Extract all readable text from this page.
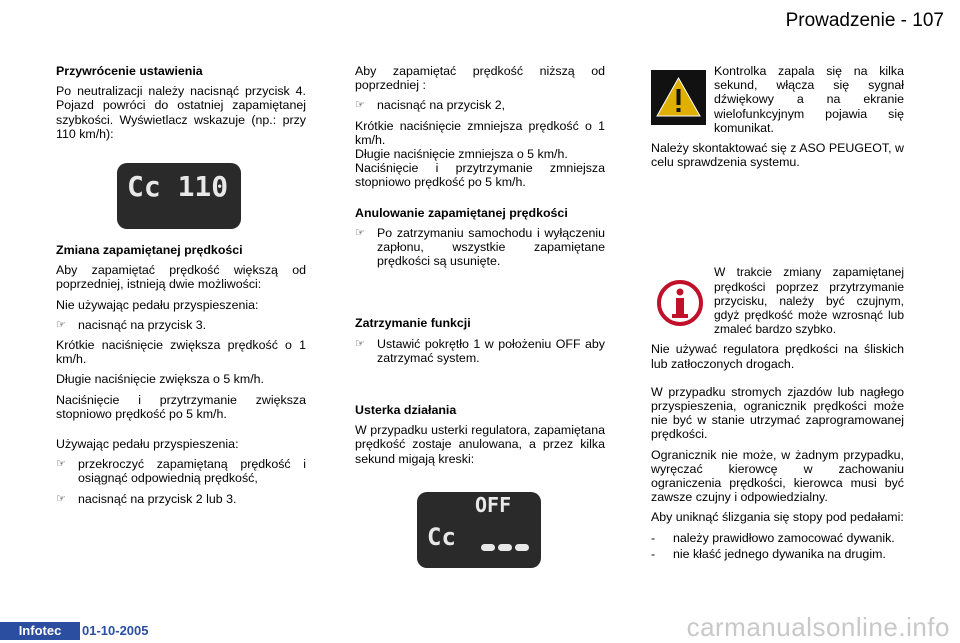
Prowadzenie - 107
Przywrócenie ustawienia

Po neutralizacji należy nacisnąć przycisk 4. Pojazd powróci do ostatniej zapamiętanej szybkości. Wyświetlacz wskazuje (np.: przy 110 km/h):

Cc 110
Zmiana zapamiętanej prędkości

Aby zapamiętać prędkość większą od poprzedniej, istnieją dwie możliwości:

Nie używając pedału przyspieszenia:

☞ nacisnąć na przycisk 3.

Krótkie naciśnięcie zwiększa prędkość o 1 km/h.

Długie naciśnięcie zwiększa o 5 km/h.

Naciśnięcie i przytrzymanie zwiększa stopniowo prędkość po 5 km/h.

Używając pedału przyspieszenia:

☞ przekroczyć zapamiętaną prędkość i osiągnąć odpowiednią prędkość,
☞ nacisnąć na przycisk 2 lub 3.

Aby zapamiętać prędkość niższą od poprzedniej :

☞ nacisnąć na przycisk 2,

Krótkie naciśnięcie zmniejsza prędkość o 1 km/h.

Długie naciśnięcie zmniejsza o 5 km/h.

Naciśnięcie i przytrzymanie zmniejsza stopniowo prędkość po 5 km/h.

Anulowanie zapamiętanej prędkości
☞ Po zatrzymaniu samochodu i wyłączeniu zapłonu, wszystkie zapamiętane prędkości są usunięte.
Zatrzymanie funkcji
☞ Ustawić pokrętło 1 w położeniu OFF aby zatrzymać system.
Usterka działania

W przypadku usterki regulatora, zapamiętana prędkość zostaje anulowana, a przez kilka sekund migają kreski:

OFF
Cc

Kontrolka zapala się na kilka sekund, włącza się sygnał dźwiękowy a na ekranie wielofunkcyjnym pojawia się komunikat.

Należy skontaktować się z ASO PEUGEOT, w celu sprawdzenia systemu.

W trakcie zmiany zapamiętanej prędkości poprzez przytrzymanie przycisku, należy być czujnym, gdyż prędkość może wzrosnąć lub zmaleć bardzo szybko.

Nie używać regulatora prędkości na śliskich lub zatłoczonych drogach.

W przypadku stromych zjazdów lub nagłego przyspieszenia, ogranicznik prędkości może nie być w stanie utrzymać zaprogramowanej prędkości.

Ogranicznik nie może, w żadnym przypadku, wyręczać kierowcę w zachowaniu ograniczenia prędkości, kierowca musi być zawsze czujny i odpowiedzialny.

Aby uniknąć ślizgania się stopy pod pedałami:

- należy prawidłowo zamocować dywanik.
- nie kłaść jednego dywanika na drugim.
Infotec	01-10-2005	carmanualsonline.info
